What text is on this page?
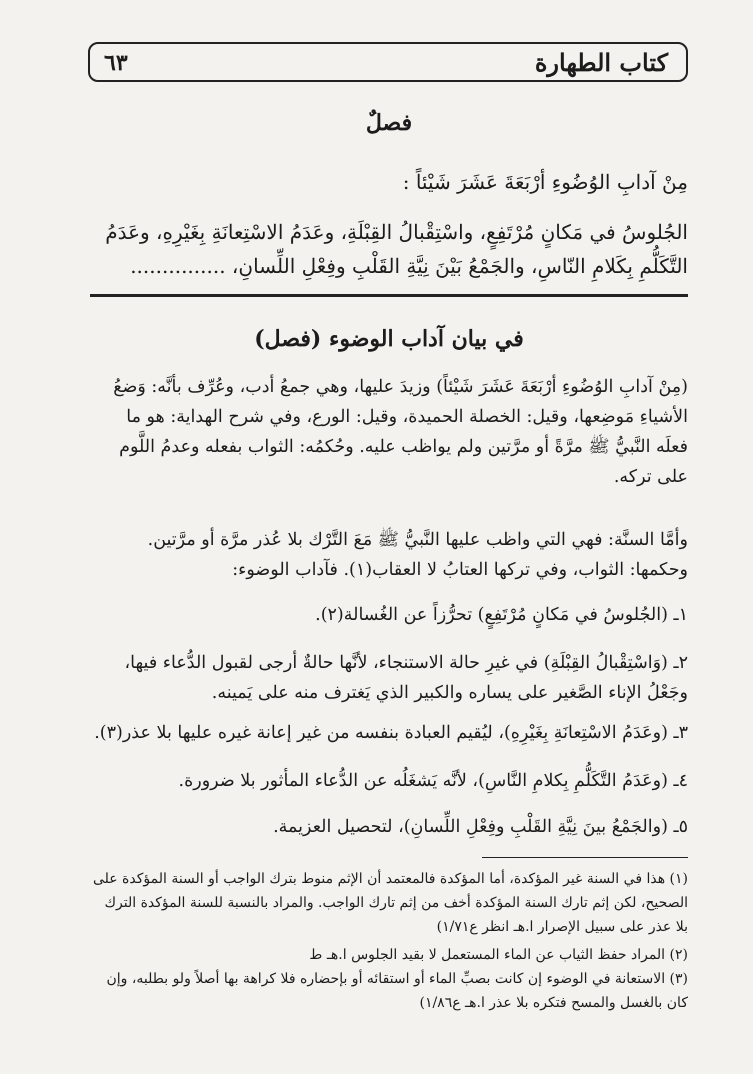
٦٣	كتاب الطهارة
فصلٌ
مِنْ آدابِ الوُضُوءِ أرْبَعَةَ عَشَرَ شَيْئاً :
الجُلوسُ في مَكانٍ مُرْتَفِعٍ، واسْتِقْبالُ القِبْلَةِ، وعَدَمُ الاسْتِعانَةِ بِغَيْرِهِ، وعَدَمُ
التَّكَلُّمِ بِكَلامِ النّاسِ، والجَمْعُ بَيْنَ نِيَّةِ القَلْبِ وفِعْلِ اللِّسانِ، ...............
(فصل) في بيان آداب الوضوء
(مِنْ آدابِ الوُضُوءِ أرْبَعَةَ عَشَرَ شَيْئاً) وزيدَ عليها، وهي جمعُ أدب، وعُرِّف بأنَّه: وَضعُ الأشياءِ مَوضِعها، وقيل: الخصلة الحميدة، وقيل: الورع، وفي شرح الهداية: هو ما فعلَه النَّبيُّ ﷺ مرَّةً أو مرَّتين ولم يواظب عليه. وحُكمُه: الثواب بفعله وعدمُ اللَّوم على تركه.
وأمَّا السنَّة: فهي التي واظب عليها النَّبيُّ ﷺ مَعَ التَّرْك بلا عُذر مرَّة أو مرَّتين. وحكمها: الثواب، وفي تركها العتابُ لا العقاب(١). فآداب الوضوء:
١ـ (الجُلوسُ في مَكانٍ مُرْتَفِعٍ) تحرُّزاً عن الغُسالة(٢).
٢ـ (وَاسْتِقْبالُ القِبْلَةِ) في غيرِ حالة الاستنجاء، لأنَّها حالةٌ أرجى لقبول الدُّعاء فيها، وجَعْلُ الإناء الصَّغير على يساره والكبير الذي يَغترف منه على يَمينه.
٣ـ (وعَدَمُ الاسْتِعانَةِ بِغَيْرِهِ)، ليُقيم العبادة بنفسه من غير إعانة غيره عليها بلا عذر(٣).
٤ـ (وعَدَمُ التَّكَلُّمِ بِكلامِ النَّاسِ)، لأنَّه يَشغَلُه عن الدُّعاء المأثور بلا ضرورة.
٥ـ (والجَمْعُ بينَ نِيَّةِ القَلْبِ وفِعْلِ اللِّسانِ)، لتحصيل العزيمة.
(١) هذا في السنة غير المؤكدة، أما المؤكدة فالمعتمد أن الإثم منوط بترك الواجب أو السنة المؤكدة على الصحيح، لكن إثم تارك السنة المؤكدة أخف من إثم تارك الواجب. والمراد بالنسبة للسنة المؤكدة الترك بلا عذر على سبيل الإصرار ا.هـ انظر ع١/٧١)
(٢) المراد حفظ الثياب عن الماء المستعمل لا بقيد الجلوس ا.هـ ط
(٣) الاستعانة في الوضوء إن كانت بصبِّ الماء أو استقائه أو بإحضاره فلا كراهة بها أصلاً ولو بطلبه، وإن كان بالغسل والمسح فتكره بلا عذر ا.هـ ع١/٨٦)
